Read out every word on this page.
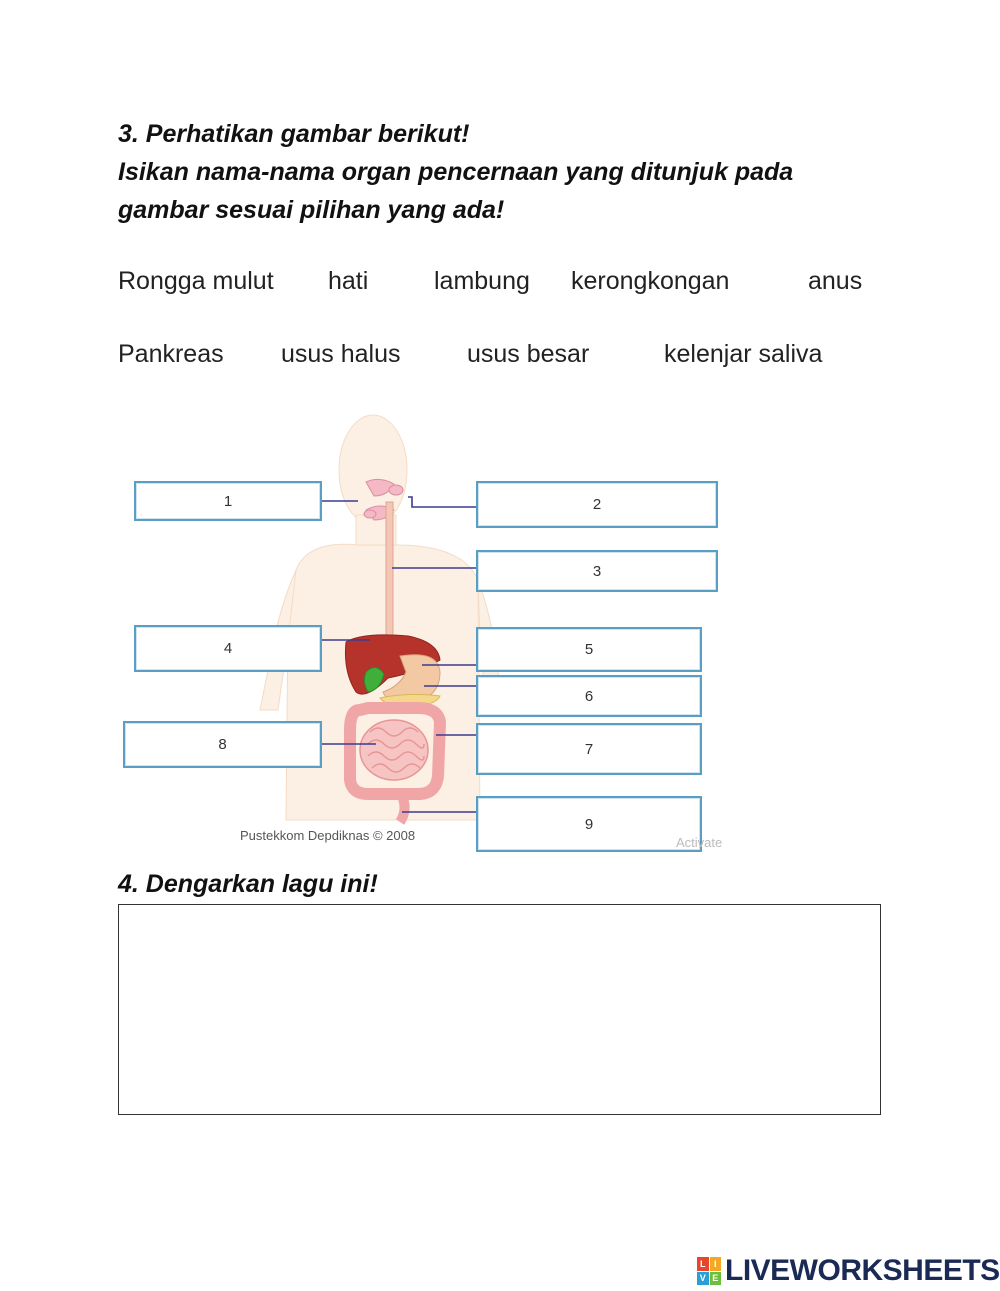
3. Perhatikan gambar berikut!
Isikan nama-nama organ pencernaan yang ditunjuk pada
gambar sesuai pilihan yang ada!
Rongga mulut hati	lambung kerongkongan	anus
Pankreas usus halus	usus besar	kelenjar saliva
1	2
3
4	5
6
7
8
9
Pustekkom Depdiknas © 2008	Activate
4. Dengarkan lagu ini!
L I
V E LIVEWORKSHEETS
